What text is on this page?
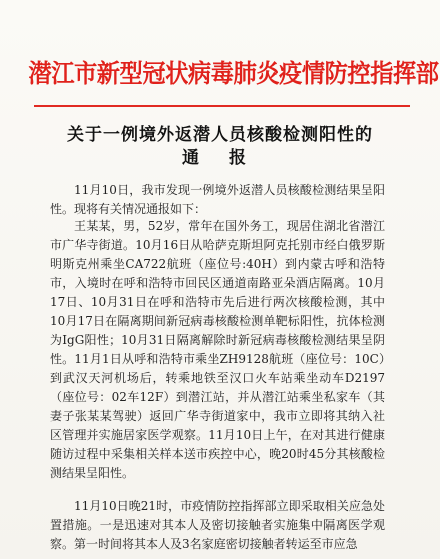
潜江市新型冠状病毒肺炎疫情防控指挥部
关于一例境外返潜人员核酸检测阳性的
通 报
11月10日，我市发现一例境外返潜人员核酸检测结果呈阳性。现将有关情况通报如下：
王某某，男，52岁，常年在国外务工，现居住湖北省潜江市广华寺街道。10月16日从哈萨克斯坦阿克托别市经白俄罗斯明斯克州乘坐CA722航班（座位号:40H）到内蒙古呼和浩特市，入境时在呼和浩特市回民区通道南路亚朵酒店隔离。10月17日、10月31日在呼和浩特市先后进行两次核酸检测，其中10月17日在隔离期间新冠病毒核酸检测单靶标阳性，抗体检测为IgG阳性；10月31日隔离解除时新冠病毒核酸检测结果呈阴性。11月1日从呼和浩特市乘坐ZH9128航班（座位号：10C）到武汉天河机场后，转乘地铁至汉口火车站乘坐动车D2197（座位号：02车12F）到潜江站，并从潜江站乘坐私家车（其妻子张某某驾驶）返回广华寺街道家中，我市立即将其纳入社区管理并实施居家医学观察。11月10日上午，在对其进行健康随访过程中采集相关样本送市疾控中心，晚20时45分其核酸检测结果呈阳性。
11月10日晚21时，市疫情防控指挥部立即采取相关应急处置措施。一是迅速对其本人及密切接触者实施集中隔离医学观察。第一时间将其本人及3名家庭密切接触者转运至市应急
